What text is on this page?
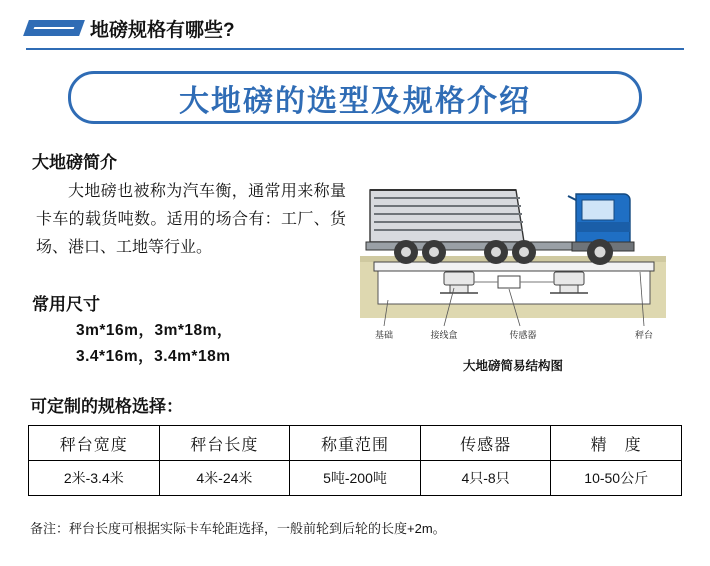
地磅规格有哪些?
大地磅的选型及规格介绍
大地磅简介
大地磅也被称为汽车衡，通常用来称量卡车的载货吨数。适用的场合有：工厂、货场、港口、工地等行业。
常用尺寸
3m*16m，3m*18m，
3.4*16m，3.4m*18m
基础	接线盒	传感器	秤台
大地磅简易结构图
可定制的规格选择：
秤台宽度	秤台长度	称重范围	传感器	精　度
2米-3.4米	4米-24米	5吨-200吨	4只-8只	10-50公斤
备注：秤台长度可根据实际卡车轮距选择，一般前轮到后轮的长度+2m。
